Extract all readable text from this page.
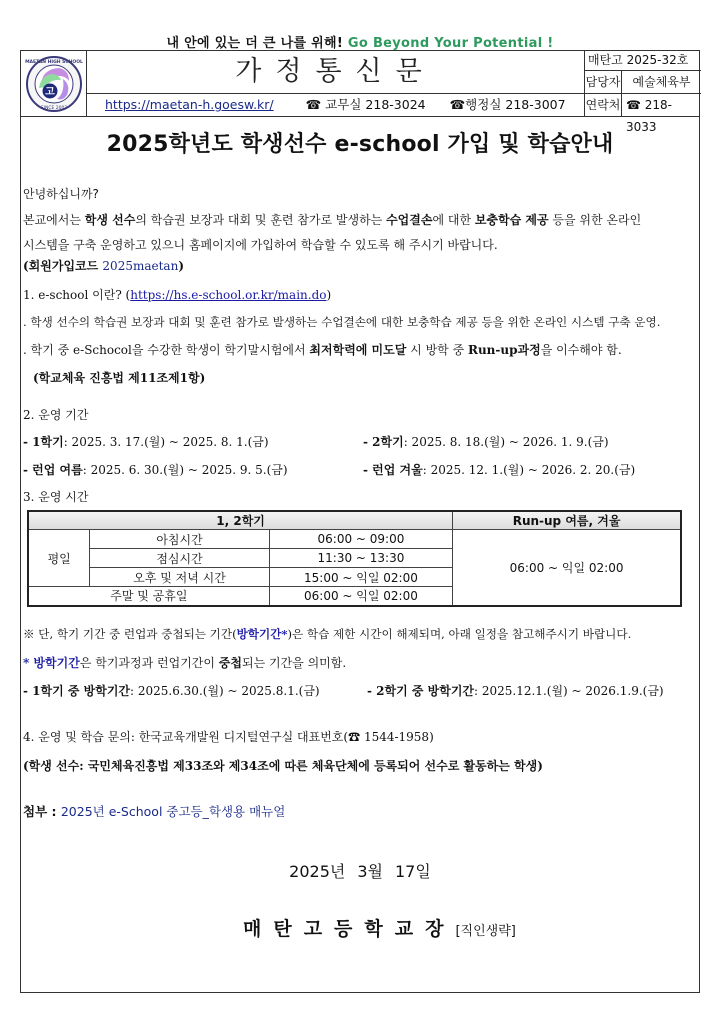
내 안에 있는 더 큰 나를 위해! Go Beyond Your Potential !
고
MAETAN HIGH SCHOOL
SINCE 2003
가정통신문
https://maetan-h.goesw.kr/	☎ 교무실 218-3024 ☎행정실 218-3007
매탄고 2025-32호
담당자	예술체육부
연락처 ☎ 218-3033
2025학년도 학생선수 e-school 가입 및 학습안내
안녕하십니까?
본교에서는 학생 선수의 학습권 보장과 대회 및 훈련 참가로 발생하는 수업결손에 대한 보충학습 제공 등을 위한 온라인
시스템을 구축 운영하고 있으니 홈페이지에 가입하여 학습할 수 있도록 해 주시기 바랍니다.
(회원가입코드 2025maetan)
1. e-school 이란? (https://hs.e-school.or.kr/main.do)
. 학생 선수의 학습권 보장과 대회 및 훈련 참가로 발생하는 수업결손에 대한 보충학습 제공 등을 위한 온라인 시스템 구축 운영.
. 학기 중 e-Schocol을 수강한 학생이 학기말시험에서 최저학력에 미도달 시 방학 중 Run-up과정을 이수해야 함.
(학교체육 진흥법 제11조제1항)
2. 운영 기간
- 1학기: 2025. 3. 17.(월) ~ 2025. 8. 1.(금)	- 2학기: 2025. 8. 18.(월) ~ 2026. 1. 9.(금)
- 런업 여름: 2025. 6. 30.(월) ~ 2025. 9. 5.(금)	- 런업 겨울: 2025. 12. 1.(월) ~ 2026. 2. 20.(금)
3. 운영 시간
1, 2학기			Run-up 여름, 겨울
평일	아침시간	06:00 ~ 09:00	06:00 ~ 익일 02:00
	점심시간	11:30 ~ 13:30	
	오후 및 저녁 시간	15:00 ~ 익일 02:00	
주말 및 공휴일		06:00 ~ 익일 02:00	
※ 단, 학기 기간 중 런업과 중첩되는 기간(방학기간*)은 학습 제한 시간이 해제되며, 아래 일정을 참고해주시기 바랍니다.
* 방학기간은 학기과정과 런업기간이 중첩되는 기간을 의미함.
- 1학기 중 방학기간: 2025.6.30.(월) ~ 2025.8.1.(금)	- 2학기 중 방학기간: 2025.12.1.(월) ~ 2026.1.9.(금)
4. 운영 및 학습 문의: 한국교육개발원 디지털연구실 대표번호(☎ 1544-1958)
(학생 선수: 국민체육진흥법 제33조와 제34조에 따른 체육단체에 등록되어 선수로 활동하는 학생)
첨부 : 2025년 e-School 중고등_학생용 매뉴얼
2025년 3월 17일
매탄고등학교장[직인생략]
